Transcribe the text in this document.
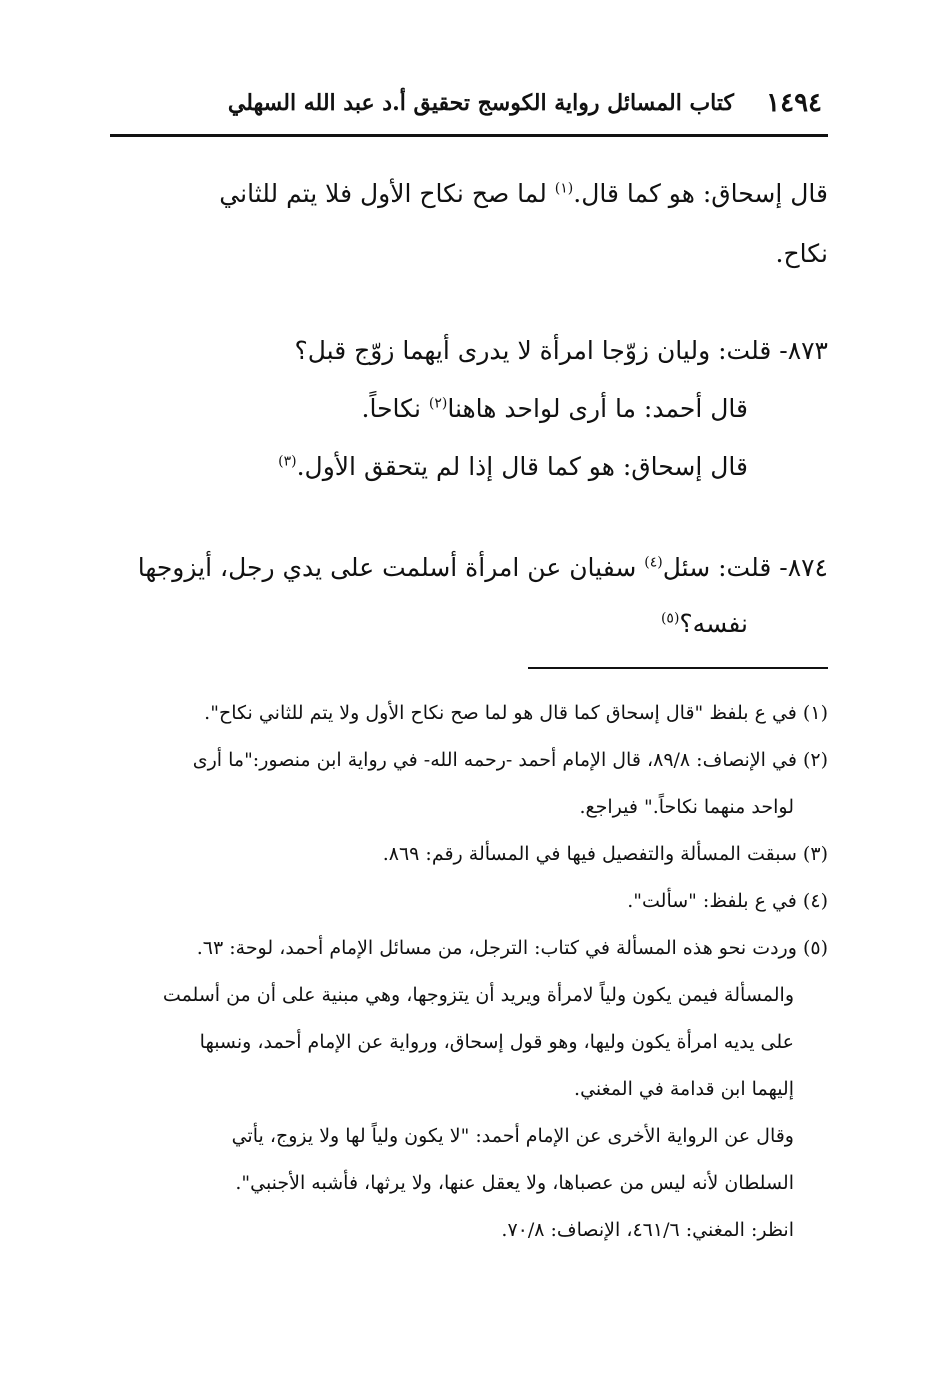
١٤٩٤
كتاب المسائل رواية الكوسج تحقيق أ.د عبد الله السهلي
قال إسحاق: هو كما قال.$^{(١)}$ لما صح نكاح الأول فلا يتم للثاني
نكاح.
٨٧٣- قلت: وليان زوّجا امرأة لا يدرى أيهما زوّج قبل؟
قال أحمد: ما أرى لواحد هاهنا$^{(٢)}$ نكاحاً.
قال إسحاق: هو كما قال إذا لم يتحقق الأول.$^{(٣)}$
٨٧٤- قلت: سئل$^{(٤)}$ سفيان عن امرأة أسلمت على يدي رجل، أيزوجها
نفسه؟$^{(٥)}$
(١) في ع بلفظ "قال إسحاق كما قال هو لما صح نكاح الأول ولا يتم للثاني نكاح".
(٢) في الإنصاف: ٨٩/٨، قال الإمام أحمد -رحمه الله- في رواية ابن منصور:"ما أرى
لواحد منهما نكاحاً." فيراجع.
(٣) سبقت المسألة والتفصيل فيها في المسألة رقم: ٨٦٩.
(٤) في ع بلفظ: "سألت".
(٥) وردت نحو هذه المسألة في كتاب: الترجل، من مسائل الإمام أحمد، لوحة: ٦٣.
والمسألة فيمن يكون ولياً لامرأة ويريد أن يتزوجها، وهي مبنية على أن من أسلمت
على يديه امرأة يكون وليها، وهو قول إسحاق، ورواية عن الإمام أحمد، ونسبها
إليهما ابن قدامة في المغني.
وقال عن الرواية الأخرى عن الإمام أحمد: "لا يكون ولياً لها ولا يزوج، يأتي
السلطان لأنه ليس من عصباها، ولا يعقل عنها، ولا يرثها، فأشبه الأجنبي".
انظر: المغني: ٤٦١/٦، الإنصاف: ٧٠/٨.
